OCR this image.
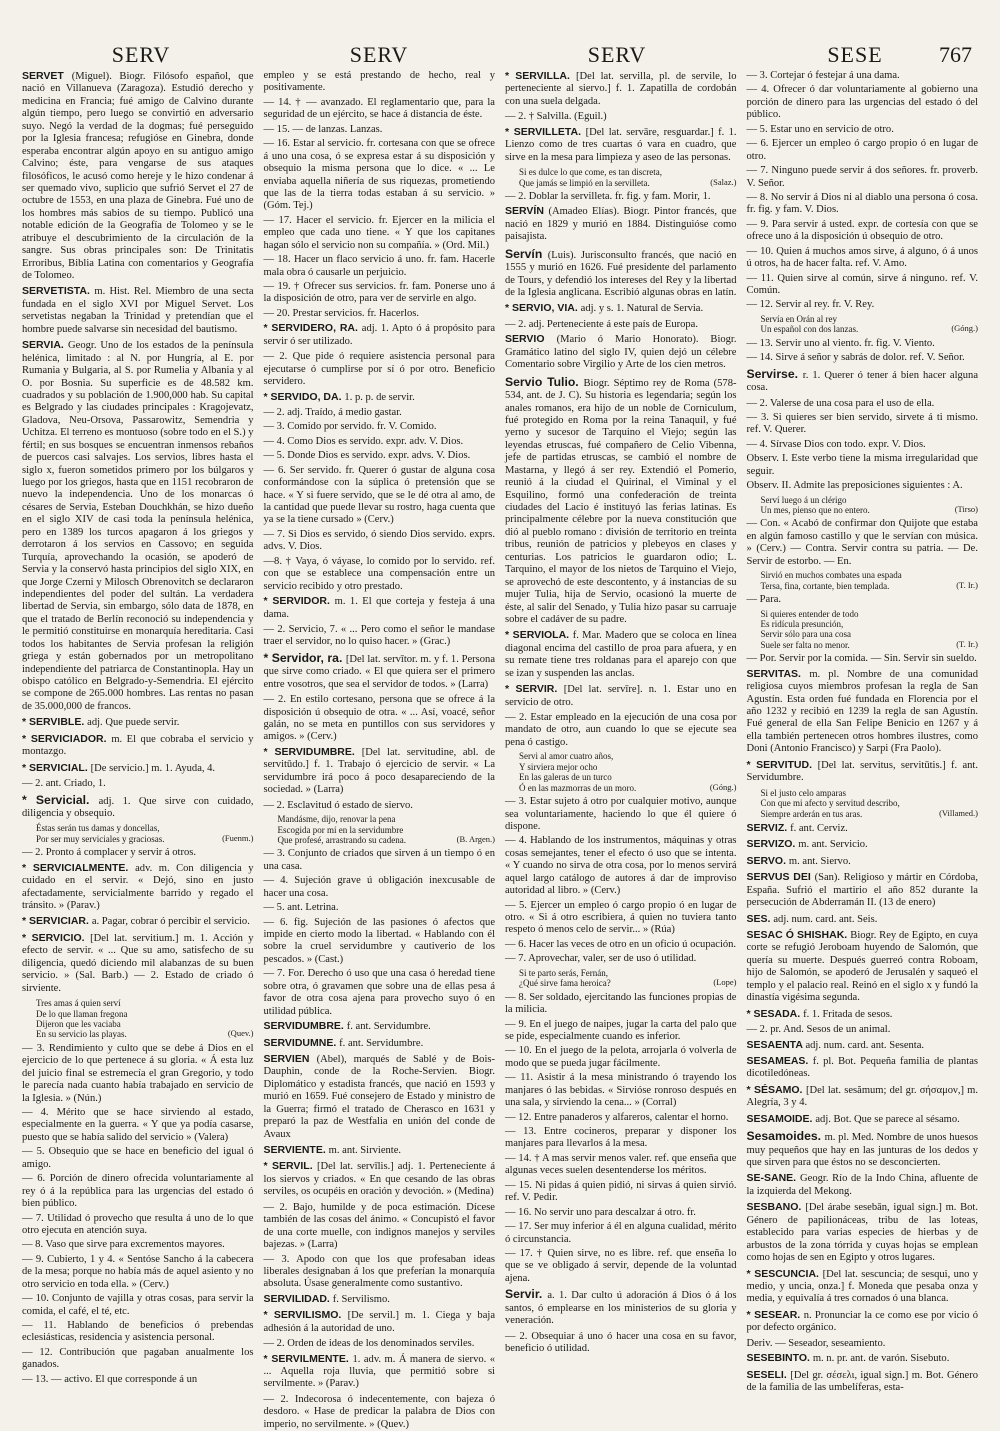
SERV	SERV	SERV	SESE	767

SERVET (Miguel). Biogr. Filósofo español, que nació en Villanueva (Zaragoza). Estudió derecho y medicina en Francia; fué amigo de Calvino durante algún tiempo, pero luego se convirtió en adversario suyo. Negó la verdad de la dogmas; fué perseguido por la Iglesia francesa; refugióse en Ginebra, donde esperaba encontrar algún apoyo en su antiguo amigo Calvino; éste, para vengarse de sus ataques filosóficos, le acusó como hereje y le hizo condenar á ser quemado vivo, suplicio que sufrió Servet el 27 de octubre de 1553, en una plaza de Ginebra. Fué uno de los hombres más sabios de su tiempo. Publicó una notable edición de la Geografía de Tolomeo y se le atribuye el descubrimiento de la circulación de la sangre. Sus obras principales son: De Trinitatis Erroribus, Biblia Latina con comentarios y Geografía de Tolomeo.

SERVETISTA. m. Hist. Rel. Miembro de una secta fundada en el siglo XVI por Miguel Servet. Los servetistas negaban la Trinidad y pretendían que el hombre puede salvarse sin necesidad del bautismo.

SERVIA. Geogr. Uno de los estados de la península helénica, limitado : al N. por Hungría, al E. por Rumania y Bulgaria, al S. por Rumelia y Albania y al O. por Bosnia. Su superficie es de 48.582 km. cuadrados y su población de 1.900,000 hab. Su capital es Belgrado y las ciudades principales : Kragojevatz, Gladova, Neu-Orsova, Passarowitz, Semendria y Uchitza. El terreno es montuoso (sobre todo en el S.) y fértil; en sus bosques se encuentran inmensos rebaños de puercos casi salvajes. Los servios, libres hasta el siglo x, fueron sometidos primero por los búlgaros y luego por los griegos, hasta que en 1151 recobraron de nuevo la independencia. Uno de los monarcas ó césares de Servia, Esteban Douchkhán, se hizo dueño en el siglo XIV de casi toda la península helénica, pero en 1389 los turcos apagaron á los griegos y derrotaron á los servios en Cassovo; en seguida Turquía, aprovechando la ocasión, se apoderó de Servia y la conservó hasta principios del siglo XIX, en que Jorge Czerni y Milosch Obrenovitch se declararon independientes del poder del sultán. La verdadera libertad de Servia, sin embargo, sólo data de 1878, en que el tratado de Berlín reconoció su independencia y le permitió constituirse en monarquía hereditaria. Casi todos los habitantes de Servia profesan la religión griega y están gobernados por un metropolitano independiente del patriarca de Constantinopla. Hay un obispo católico en Belgrado-y-Semendria. El ejército se compone de 265.000 hombres. Las rentas no pasan de 35.000,000 de francos.

* SERVIBLE. adj. Que puede servir.

* SERVICIADOR. m. El que cobraba el servicio y montazgo.

* SERVICIAL. [De servicio.] m. 1. Ayuda, 4.

— 2. ant. Criado, 1.

* Servicial. adj. 1. Que sirve con cuidado, diligencia y obsequio.

Éstas serán tus damas y doncellas,
Por ser muy serviciales y graciosas.	(Fuenm.)

— 2. Pronto á complacer y servir á otros.

* SERVICIALMENTE. adv. m. Con diligencia y cuidado en el servir. « Dejó, sino en justo afectadamente, servicialmente barrido y regado el tránsito. » (Parav.)

* SERVICIAR. a. Pagar, cobrar ó percibir el servicio.

* SERVICIO. [Del lat. servitium.] m. 1. Acción y efecto de servir. « ... Que su amo, satisfecho de su diligencia, quedó diciendo mil alabanzas de su buen servicio. » (Sal. Barb.) — 2. Estado de criado ó sirviente.

Tres amas á quien serví
De lo que llaman fregona
Dijeron que les vaciaba
En su servicio las playas.	(Quev.)

— 3. Rendimiento y culto que se debe á Dios en el ejercicio de lo que pertenece á su gloria. « Á esta luz del juicio final se estremecía el gran Gregorio, y todo le parecía nada cuanto había trabajado en servicio de la Iglesia. » (Nún.)

— 4. Mérito que se hace sirviendo al estado, especialmente en la guerra. « Y que ya podía casarse, puesto que se había salido del servicio » (Valera)

— 5. Obsequio que se hace en beneficio del igual ó amigo.

— 6. Porción de dinero ofrecida voluntariamente al rey ó á la república para las urgencias del estado ó bien público.

— 7. Utilidad ó provecho que resulta á uno de lo que otro ejecuta en atención suya.

— 8. Vaso que sirve para excrementos mayores.

— 9. Cubierto, 1 y 4. « Sentóse Sancho á la cabecera de la mesa; porque no había más de aquel asiento y no otro servicio en toda ella. » (Cerv.)

— 10. Conjunto de vajilla y otras cosas, para servir la comida, el café, el té, etc.

— 11. Hablando de beneficios ó prebendas eclesiásticas, residencia y asistencia personal.

— 12. Contribución que pagaban anualmente los ganados.

— 13. — activo. El que corresponde á un

empleo y se está prestando de hecho, real y positivamente.

— 14. † — avanzado. El reglamentario que, para la seguridad de un ejército, se hace á distancia de éste.

— 15. — de lanzas. Lanzas.

— 16. Estar al servicio. fr. cortesana con que se ofrece á uno una cosa, ó se expresa estar á su disposición y obsequio la misma persona que lo dice. « ... Le enviaba aquella niñería de sus riquezas, prometiendo que las de la tierra todas estaban á su servicio. » (Góm. Tej.)

— 17. Hacer el servicio. fr. Ejercer en la milicia el empleo que cada uno tiene. « Y que los capitanes hagan sólo el servicio non su compañía. » (Ord. Mil.)

— 18. Hacer un flaco servicio á uno. fr. fam. Hacerle mala obra ó causarle un perjuicio.

— 19. † Ofrecer sus servicios. fr. fam. Ponerse uno á la disposición de otro, para ver de servirle en algo.

— 20. Prestar servicios. fr. Hacerlos.

* SERVIDERO, RA. adj. 1. Apto ó á propósito para servir ó ser utilizado.

— 2. Que pide ó requiere asistencia personal para ejecutarse ó cumplirse por sí ó por otro. Beneficio servidero.

* SERVIDO, DA. 1. p. p. de servir.

— 2. adj. Traído, á medio gastar.

— 3. Comido por servido. fr. V. Comido.

— 4. Como Dios es servido. expr. adv. V. Dios.

— 5. Donde Dios es servido. expr. advs. V. Dios.

— 6. Ser servido. fr. Querer ó gustar de alguna cosa conformándose con la súplica ó pretensión que se hace. « Y si fuere servido, que se le dé otra al amo, de la cantidad que puede llevar su rostro, haga cuenta que ya se la tiene cursado » (Cerv.)

— 7. Si Dios es servido, ó siendo Dios servido. exprs. advs. V. Dios.

—8. † Vaya, ó váyase, lo comido por lo servido. ref. con que se establece una compensación entre un servicio recibido y otro prestado.

* SERVIDOR. m. 1. El que corteja y festeja á una dama.

— 2. Servicio, 7. « ... Pero como el señor le mandase traer el servidor, no lo quiso hacer. » (Grac.)

* Servidor, ra. [Del lat. servītor. m. y f. 1. Persona que sirve como criado. « El que quiera ser el primero entre vosotros, que sea el servidor de todos. » (Larra)

— 2. En estilo cortesano, persona que se ofrece á la disposición ú obsequio de otra. « ... Así, voacé, señor galán, no se meta en puntillos con sus servidores y amigos. » (Cerv.)

* SERVIDUMBRE. [Del lat. servitudine, abl. de servitūdo.] f. 1. Trabajo ó ejercicio de servir. « La servidumbre irá poco á poco desapareciendo de la sociedad. » (Larra)

— 2. Esclavitud ó estado de siervo.

Mandásme, dijo, renovar la pena
Escogida por mí en la servidumbre
Que profesé, arrastrando su cadena.	(B. Argen.)

— 3. Conjunto de criados que sirven á un tiempo ó en una casa.

— 4. Sujeción grave ú obligación inexcusable de hacer una cosa.

— 5. ant. Letrina.

— 6. fig. Sujeción de las pasiones ó afectos que impide en cierto modo la libertad. « Hablando con él sobre la cruel servidumbre y cautiverio de los pescados. » (Cast.)

— 7. For. Derecho ó uso que una casa ó heredad tiene sobre otra, ó gravamen que sobre una de ellas pesa á favor de otra cosa ajena para provecho suyo ó en utilidad pública.

SERVIDUMBRE. f. ant. Servidumbre.

SERVIDUMNE. f. ant. Servidumbre.

SERVIEN (Abel), marqués de Sablé y de Bois-Dauphin, conde de la Roche-Servien. Biogr. Diplomático y estadista francés, que nació en 1593 y murió en 1659. Fué consejero de Estado y ministro de la Guerra; firmó el tratado de Cherasco en 1631 y preparó la paz de Westfalia en unión del conde de Avaux

SERVIENTE. m. ant. Sirviente.

* SERVIL. [Del lat. servīlis.] adj. 1. Perteneciente á los siervos y criados. « En que cesando de las obras serviles, os ocupéis en oración y devoción. » (Medina)

— 2. Bajo, humilde y de poca estimación. Dícese también de las cosas del ánimo. « Concupistó el favor de una corte muelle, con indignos manejos y serviles bajezas. » (Larra)

— 3. Apodo con que los que profesaban ideas liberales designaban á los que preferían la monarquía absoluta. Úsase generalmente como sustantivo.

SERVILIDAD. f. Servilismo.

* SERVILISMO. [De servil.] m. 1. Ciega y baja adhesión á la autoridad de uno.

— 2. Orden de ideas de los denominados serviles.

* SERVILMENTE. 1. adv. m. Á manera de siervo. « ... Aquella roja lluvia, que permitió sobre si servilmente. » (Parav.)

— 2. Indecorosa ó indecentemente, con bajeza ó desdoro. « Hase de predicar la palabra de Dios con imperio, no servilmente. » (Quev.)

* SERVILLA. [Del lat. servilla, pl. de servile, lo perteneciente al siervo.] f. 1. Zapatilla de cordobán con una suela delgada.

— 2. † Salvilla. (Eguil.)

* SERVILLETA. [Del lat. servāre, resguardar.] f. 1. Lienzo como de tres cuartas ó vara en cuadro, que sirve en la mesa para limpieza y aseo de las personas.

Si es dulce lo que come, es tan discreta,
Que jamás se limpió en la servilleta.	(Salaz.)

— 2. Doblar la servilleta. fr. fig. y fam. Morir, 1.

SERVÍN (Amadeo Elías). Biogr. Pintor francés, que nació en 1829 y murió en 1884. Distinguióse como paisajista.

Servín (Luis). Jurisconsulto francés, que nació en 1555 y murió en 1626. Fué presidente del parlamento de Tours, y defendió los intereses del Rey y la libertad de la Iglesia anglicana. Escribió algunas obras en latín.

* SERVIO, VIA. adj. y s. 1. Natural de Servia.

— 2. adj. Perteneciente á este país de Europa.

SERVIO (Mario ó Mario Honorato). Biogr. Gramático latino del siglo IV, quien dejó un célebre Comentario sobre Virgilio y Arte de los cien metros.

Servio Tulio. Biogr. Séptimo rey de Roma (578-534, ant. de J. C). Su historia es legendaria; según los anales romanos, era hijo de un noble de Corniculum, fué protegido en Roma por la reina Tanaquil, y fué yerno y sucesor de Tarquino el Viejo; según las leyendas etruscas, fué compañero de Celio Vibenna, jefe de partidas etruscas, se cambió el nombre de Mastarna, y llegó á ser rey. Extendió el Pomerio, reunió á la ciudad el Quirinal, el Viminal y el Esquilino, formó una confederación de treinta ciudades del Lacio é instituyó las ferias latinas. Es principalmente célebre por la nueva constitución que dió al pueblo romano : división de territorio en treinta tribus, reunión de patricios y plebeyos en clases y centurias. Los patricios le guardaron odio; L. Tarquino, el mayor de los nietos de Tarquino el Viejo, se aprovechó de este descontento, y á instancias de su mujer Tulia, hija de Servio, ocasionó la muerte de éste, al salir del Senado, y Tulia hizo pasar su carruaje sobre el cadáver de su padre.

* SERVIOLA. f. Mar. Madero que se coloca en línea diagonal encima del castillo de proa para afuera, y en su remate tiene tres roldanas para el aparejo con que se izan y suspenden las anclas.

* SERVIR. [Del lat. servīre]. n. 1. Estar uno en servicio de otro.

— 2. Estar empleado en la ejecución de una cosa por mandato de otro, aun cuando lo que se ejecute sea pena ó castigo.

Servi al amor cuatro años,
Y sirviera mejor ocho
En las galeras de un turco
Ó en las mazmorras de un moro.	(Góng.)

— 3. Estar sujeto á otro por cualquier motivo, aunque sea voluntariamente, haciendo lo que él quiere ó dispone.

— 4. Hablando de los instrumentos, máquinas y otras cosas semejantes, tener el efecto ó uso que se intenta. « Y cuando no sirva de otra cosa, por lo menos servirá aquel largo catálogo de autores á dar de improviso autoridad al libro. » (Cerv.)

— 5. Ejercer un empleo ó cargo propio ó en lugar de otro. « Si á otro escribiera, á quien no tuviera tanto respeto ó menos celo de servir... » (Rúa)

— 6. Hacer las veces de otro en un oficio ú ocupación.

— 7. Aprovechar, valer, ser de uso ó utilidad.

Si te parto serás, Fernán,
¿Qué sirve fama heroica?	(Lope)

— 8. Ser soldado, ejercitando las funciones propias de la milicia.

— 9. En el juego de naipes, jugar la carta del palo que se pide, especialmente cuando es inferior.

— 10. En el juego de la pelota, arrojarla ó volverla de modo que se pueda jugar fácilmente.

— 11. Asistir á la mesa ministrando ó trayendo los manjares ó las bebidas. « Sirvióse ronroso después en una sala, y sirviendo la cena... » (Corral)

— 12. Entre panaderos y alfareros, calentar el horno.

— 13. Entre cocineros, preparar y disponer los manjares para llevarlos á la mesa.

— 14. † A mas servir menos valer. ref. que enseña que algunas veces suelen desentenderse los méritos.

— 15. Ni pidas á quien pidió, ni sirvas á quien sirvió. ref. V. Pedir.

— 16. No servir uno para descalzar á otro. fr.

— 17. Ser muy inferior á él en alguna cualidad, mérito ó circunstancia.

— 17. † Quien sirve, no es libre. ref. que enseña lo que se ve obligado á servir, depende de la voluntad ajena.

Servir. a. 1. Dar culto ú adoración á Dios ó á los santos, ó emplearse en los ministerios de su gloria y veneración.

— 2. Obsequiar á uno ó hacer una cosa en su favor, beneficio ó utilidad.

— 3. Cortejar ó festejar á una dama.

— 4. Ofrecer ó dar voluntariamente al gobierno una porción de dinero para las urgencias del estado ó del público.

— 5. Estar uno en servicio de otro.

— 6. Ejercer un empleo ó cargo propio ó en lugar de otro.

— 7. Ninguno puede servir á dos señores. fr. proverb. V. Señor.

— 8. No servir á Dios ni al diablo una persona ó cosa. fr. fig. y fam. V. Dios.

— 9. Para servir á usted. expr. de cortesía con que se ofrece uno á la disposición ú obsequio de otro.

— 10. Quien á muchos amos sirve, á alguno, ó á unos ú otros, ha de hacer falta. ref. V. Amo.

— 11. Quien sirve al común, sirve á ninguno. ref. V. Común.

— 12. Servir al rey. fr. V. Rey.

Servía en Orán al rey
Un español con dos lanzas.	(Góng.)

— 13. Servir uno al viento. fr. fig. V. Viento.

— 14. Sirve á señor y sabrás de dolor. ref. V. Señor.

Servirse. r. 1. Querer ó tener á bien hacer alguna cosa.

— 2. Valerse de una cosa para el uso de ella.

— 3. Si quieres ser bien servido, sirvete á ti mismo. ref. V. Querer.

— 4. Sírvase Dios con todo. expr. V. Dios.

Observ. I. Este verbo tiene la misma irregularidad que seguir.

Observ. II. Admite las preposiciones siguientes : A.

Serví luego á un clérigo
Un mes, pienso que no entero.	(Tirso)

— Con. « Acabó de confirmar don Quijote que estaba en algún famoso castillo y que le servían con música. » (Cerv.) — Contra. Servir contra su patria. — De. Servir de estorbo. — En.

Sirvió en muchos combates una espada
Tersa, fina, cortante, bien templada.	(T. Ir.)

— Para.

Si quieres entender de todo
Es ridícula presunción,
Servir sólo para una cosa
Suele ser falta no menor.	(T. Ir.)

— Por. Servir por la comida. — Sin. Servir sin sueldo.

SERVITAS. m. pl. Nombre de una comunidad religiosa cuyos miembros profesan la regla de San Agustín. Esta orden fué fundada en Florencia por el año 1232 y recibió en 1239 la regla de san Agustín. Fué general de ella San Felipe Benicio en 1267 y á ella también pertenecen otros hombres ilustres, como Doni (Antonio Francisco) y Sarpi (Fra Paolo).

* SERVITUD. [Del lat. servitus, servitūtis.] f. ant. Servidumbre.

Si el justo celo amparas
Con que mi afecto y servitud describo,
Siempre arderán en tus aras.	(Villamed.)

SERVIZ. f. ant. Cerviz.

SERVIZO. m. ant. Servicio.

SERVO. m. ant. Siervo.

SERVUS DEI (San). Religioso y mártir en Córdoba, España. Sufrió el martirio el año 852 durante la persecución de Abderramán II. (13 de enero)

SES. adj. num. card. ant. Seis.

SESAC Ó SHISHAK. Biogr. Rey de Egipto, en cuya corte se refugió Jeroboam huyendo de Salomón, que quería su muerte. Después guerreó contra Roboam, hijo de Salomón, se apoderó de Jerusalén y saqueó el templo y el palacio real. Reinó en el siglo x y fundó la dinastía vigésima segunda.

* SESADA. f. 1. Fritada de sesos.

— 2. pr. And. Sesos de un animal.

SESAENTA adj. num. card. ant. Sesenta.

SESAMEAS. f. pl. Bot. Pequeña familia de plantas dicotiledóneas.

* SÉSAMO. [Del lat. sesămum; del gr. σήσαμον,] m. Alegría, 3 y 4.

SESAMOIDE. adj. Bot. Que se parece al sésamo.

Sesamoides. m. pl. Med. Nombre de unos huesos muy pequeños que hay en las junturas de los dedos y que sirven para que éstos no se desconcierten.

SE-SANE. Geogr. Río de la Indo China, afluente de la izquierda del Mekong.

SESBANO. [Del árabe sesebān, igual sign.] m. Bot. Género de papilionáceas, tribu de las loteas, establecido para varias especies de hierbas y de arbustos de la zona tórrida y cuyas hojas se emplean como hojas de sen en Egipto y otros lugares.

* SESCUNCIA. [Del lat. sescuncia; de sesqui, uno y medio, y uncia, onza.] f. Moneda que pesaba onza y media, y equivalía á tres cornados ó una blanca.

* SESEAR. n. Pronunciar la ce como ese por vicio ó por defecto orgánico.

Deriv. — Seseador, seseamiento.

SESEBINTO. m. n. pr. ant. de varón. Sisebuto.

SESELI. [Del gr. σέσελι, igual sign.] m. Bot. Género de la familia de las umbelíferas, esta-
